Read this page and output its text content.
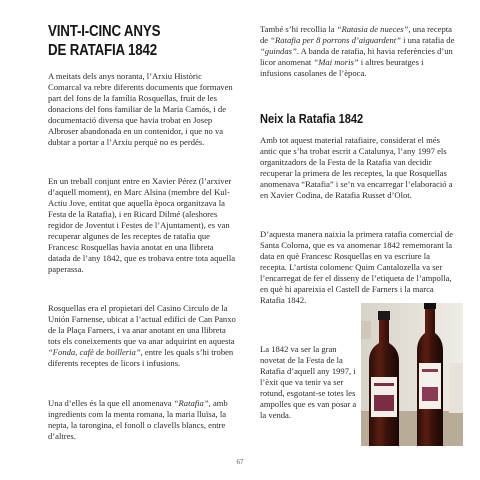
VINT-I-CINC ANYS
DE RATAFIA 1842

A meitats dels anys noranta, l’Arxiu Històric Comarcal va rebre diferents documents que formaven part del fons de la família Rosquellas, fruit de les donacions del fons familiar de la Maria Camós, i de documentació diversa que havia trobat en Josep Albroser abandonada en un contenidor, i que no va dubtar a portar a l’Arxiu perquè no es perdés.

En un treball conjunt entre en Xavier Pérez (l’arxiver d’aquell moment), en Marc Alsina (membre del Kul-Actiu Jove, entitat que aquella època organitzava la Festa de la Ratafia), i en Ricard Dilmé (aleshores regidor de Joventut i Festes de l’Ajuntament), es van recuperar algunes de les receptes de ratafia que Francesc Rosquellas havia anotat en una llibreta datada de l’any 1842, que es trobava entre tota aquella paperassa.

Rosquellas era el propietari del Casino Circulo de la Unión Farnense, ubicat a l’actual edifici de Can Panxo de la Plaça Farners, i va anar anotant en una llibreta tots els coneixements que va anar adquirint en aquesta “Fonda, cafè de boilleria”, entre les quals s’hi troben diferents receptes de licors i infusions.

Una d’elles és la que ell anomenava “Ratafia”, amb ingredients com la menta romana, la maria lluïsa, la nepta, la tarongina, el fonoll o clavells blancs, entre d’altres.

També s’hi recollia la “Ratasia de nueces”, una recepta de “Ratafia per 8 porrons d’aiguardent” i una ratafia de “guindas”. A banda de ratafia, hi havia referències d’un licor anomenat “Mai moris” i altres beuratges i infusions casolanes de l’època.

Neix la Ratafia 1842

Amb tot aquest material ratafiaire, considerat el més antic que s’ha trobat escrit a Catalunya, l’any 1997 els organitzadors de la Festa de la Ratafia van decidir recuperar la primera de les receptes, la que Rosquellas anomenava “Ratafia” i se’n va encarregar l’elaboració a en Xavier Codina, de Ratafia Russet d’Olot.

D’aquesta manera naixia la primera ratafia comercial de Santa Coloma, que es va anomenar 1842 rememorant la data en què Francesc Rosquellas en va escriure la recepta. L’artista colomenc Quim Cantalozella va ser l’encarregat de fer el disseny de l’etiqueta de l’ampolla, en què hi apareixia el Castell de Farners i la marca Ratafia 1842.

La 1842 va ser la gran novetat de la Festa de la Ratafia d’aquell any 1997, i l’èxit que va tenir va ser rotund, esgotant-se totes les ampolles que es van posar a la venda.

67
